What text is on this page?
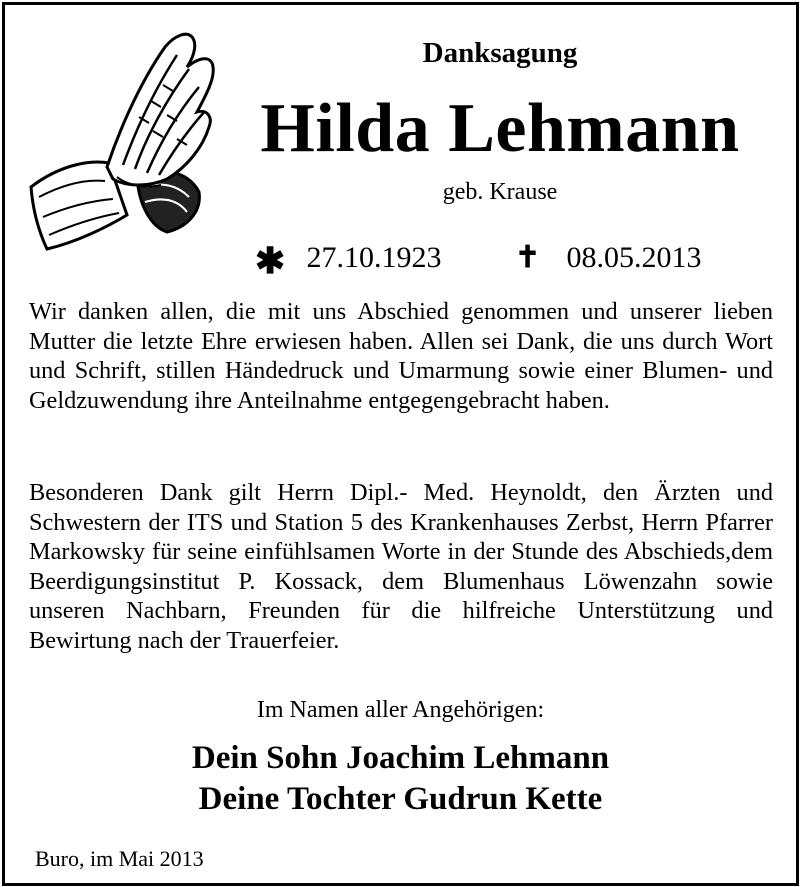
Danksagung
Hilda Lehmann
geb. Krause
✱ 27.10.1923 ✝ 08.05.2013
Wir danken allen, die mit uns Abschied genommen und unserer lieben Mutter die letzte Ehre erwiesen haben. Allen sei Dank, die uns durch Wort und Schrift, stillen Händedruck und Umarmung sowie einer Blumen- und Geldzuwendung ihre Anteilnahme entgegengebracht haben.
Besonderen Dank gilt Herrn Dipl.- Med. Heynoldt, den Ärzten und Schwestern der ITS und Station 5 des Krankenhauses Zerbst, Herrn Pfarrer Markowsky für seine einfühlsamen Worte in der Stunde des Abschieds,dem Beerdigungsinstitut P. Kossack, dem Blumenhaus Löwenzahn sowie unseren Nachbarn, Freunden für die hilfreiche Unterstützung und Bewirtung nach der Trauerfeier.
Im Namen aller Angehörigen:
Dein Sohn Joachim Lehmann
Deine Tochter Gudrun Kette
Buro, im Mai 2013
